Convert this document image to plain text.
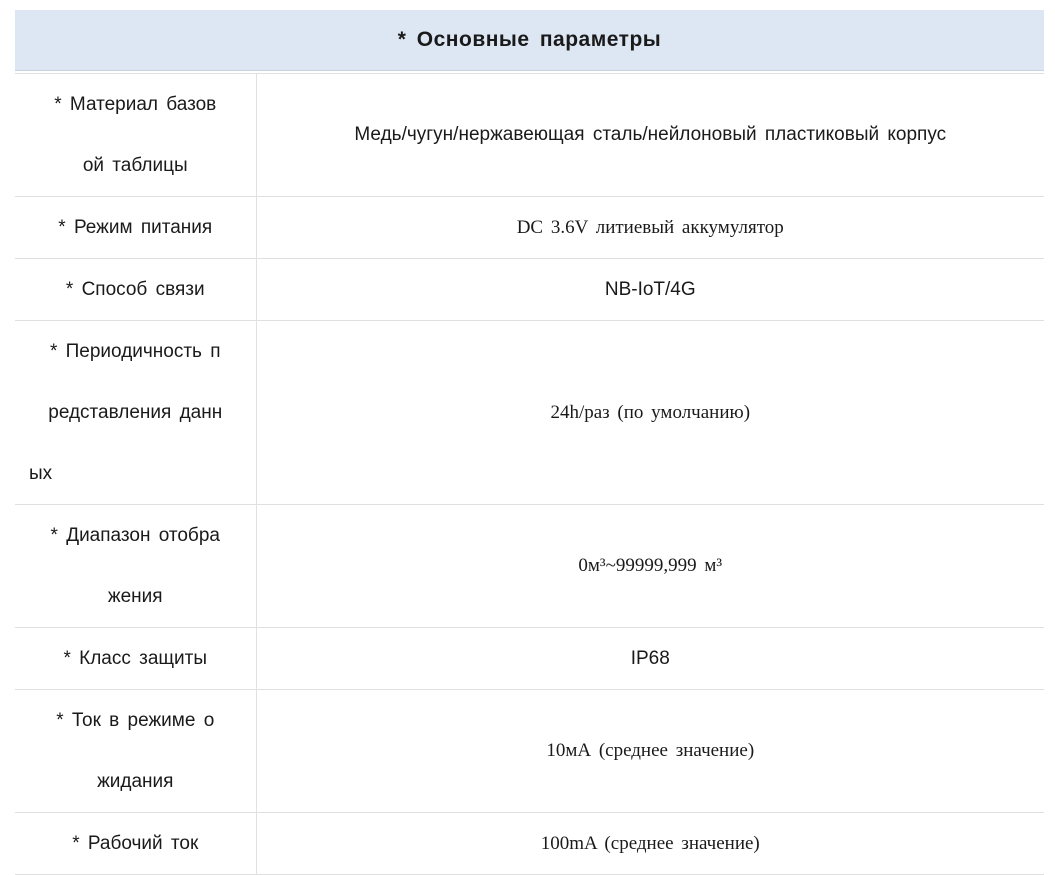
* Основные параметры
* Материал базов
ой таблицы	Медь/чугун/нержавеющая сталь/нейлоновый пластиковый корпус

* Режим питания	DC 3.6V литиевый аккумулятор

* Способ связи	NB-IoT/4G

* Периодичность п
редставления данн
ых	24h/раз (по умолчанию)

* Диапазон отобра
жения	0м³~99999,999 м³

* Класс защиты	IP68

* Ток в режиме о
жидания	10мА (среднее значение)

* Рабочий ток	100mA (среднее значение)
